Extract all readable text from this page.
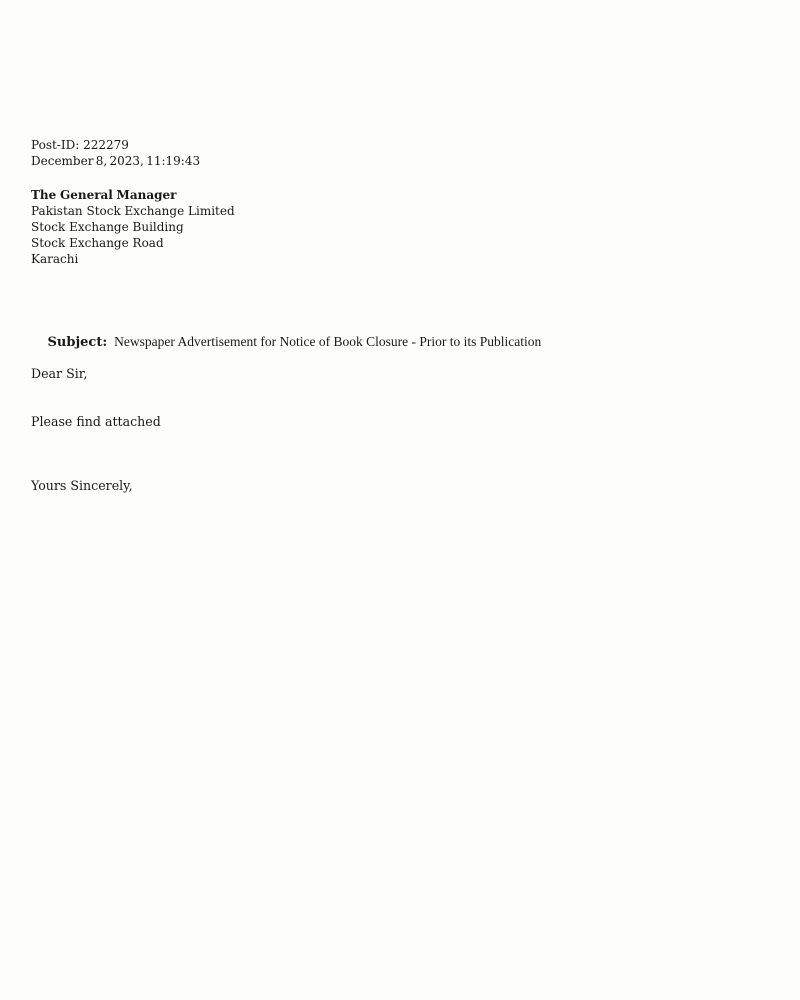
Post-ID: 222279
December 8, 2023, 11:19:43
The General Manager
Pakistan Stock Exchange Limited
Stock Exchange Building
Stock Exchange Road
Karachi

Subject: Newspaper Advertisement for Notice of Book Closure - Prior to its Publication

Dear Sir,
Please find attached
Yours Sincerely,
